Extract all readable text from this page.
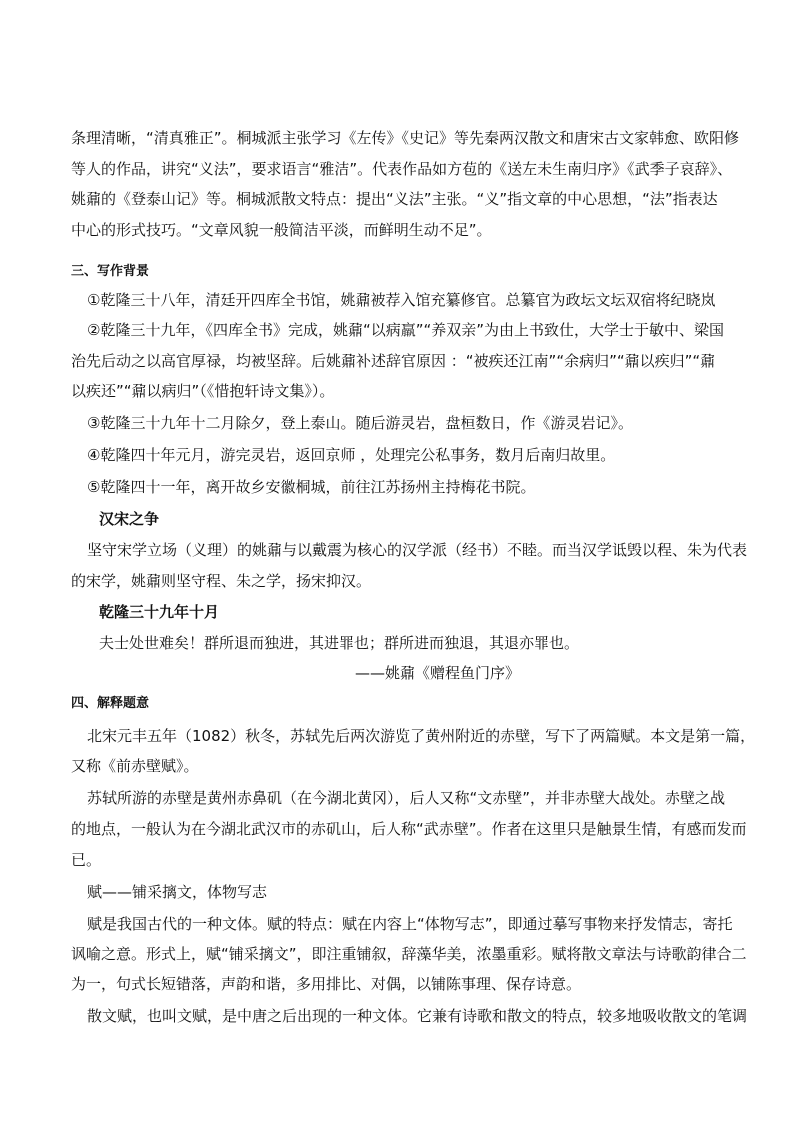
条理清晰，“清真雅正”。桐城派主张学习《左传》《史记》等先秦两汉散文和唐宋古文家韩愈、欧阳修
等人的作品，讲究“义法”，要求语言“雅洁”。代表作品如方苞的《送左未生南归序》《武季子哀辞》、
姚鼐的《登泰山记》等。桐城派散文特点：提出“义法”主张。“义”指文章的中心思想，“法”指表达
中心的形式技巧。“文章风貌一般简洁平淡，而鲜明生动不足”。
三、写作背景
①乾隆三十八年，清廷开四库全书馆，姚鼐被荐入馆充纂修官。总纂官为政坛文坛双宿将纪晓岚
②乾隆三十九年，《四库全书》完成，姚鼐“以病羸”“养双亲”为由上书致仕，大学士于敏中、梁国
治先后动之以高官厚禄，均被坚辞。后姚鼐补述辞官原因 ：“被疾还江南”“余病归”“鼐以疾归”“鼐
以疾还”“鼐以病归”（《惜抱轩诗文集》）。
③乾隆三十九年十二月除夕，登上泰山。随后游灵岩，盘桓数日，作《游灵岩记》。
④乾隆四十年元月，游完灵岩，返回京师 ，处理完公私事务，数月后南归故里。
⑤乾隆四十一年，离开故乡安徽桐城，前往江苏扬州主持梅花书院。
汉宋之争
坚守宋学立场（义理）的姚鼐与以戴震为核心的汉学派（经书）不睦。而当汉学诋毁以程、朱为代表
的宋学，姚鼐则坚守程、朱之学，扬宋抑汉。
乾隆三十九年十月
夫士处世难矣！群所退而独进，其进罪也；群所进而独退，其退亦罪也。
——姚鼐《赠程鱼门序》
四、解释题意
北宋元丰五年（1082）秋冬，苏轼先后两次游览了黄州附近的赤壁，写下了两篇赋。本文是第一篇，
又称《前赤壁赋》。
苏轼所游的赤壁是黄州赤鼻矶（在今湖北黄冈），后人又称“文赤壁”，并非赤壁大战处。赤壁之战
的地点，一般认为在今湖北武汉市的赤矶山，后人称“武赤壁”。作者在这里只是触景生情，有感而发而
已。
赋——铺采摛文，体物写志
赋是我国古代的一种文体。赋的特点：赋在内容上“体物写志”，即通过摹写事物来抒发情志，寄托
讽喻之意。形式上，赋“铺采摛文”，即注重铺叙，辞藻华美，浓墨重彩。赋将散文章法与诗歌韵律合二
为一，句式长短错落，声韵和谐，多用排比、对偶，以铺陈事理、保存诗意。
散文赋，也叫文赋，是中唐之后出现的一种文体。它兼有诗歌和散文的特点，较多地吸收散文的笔调
